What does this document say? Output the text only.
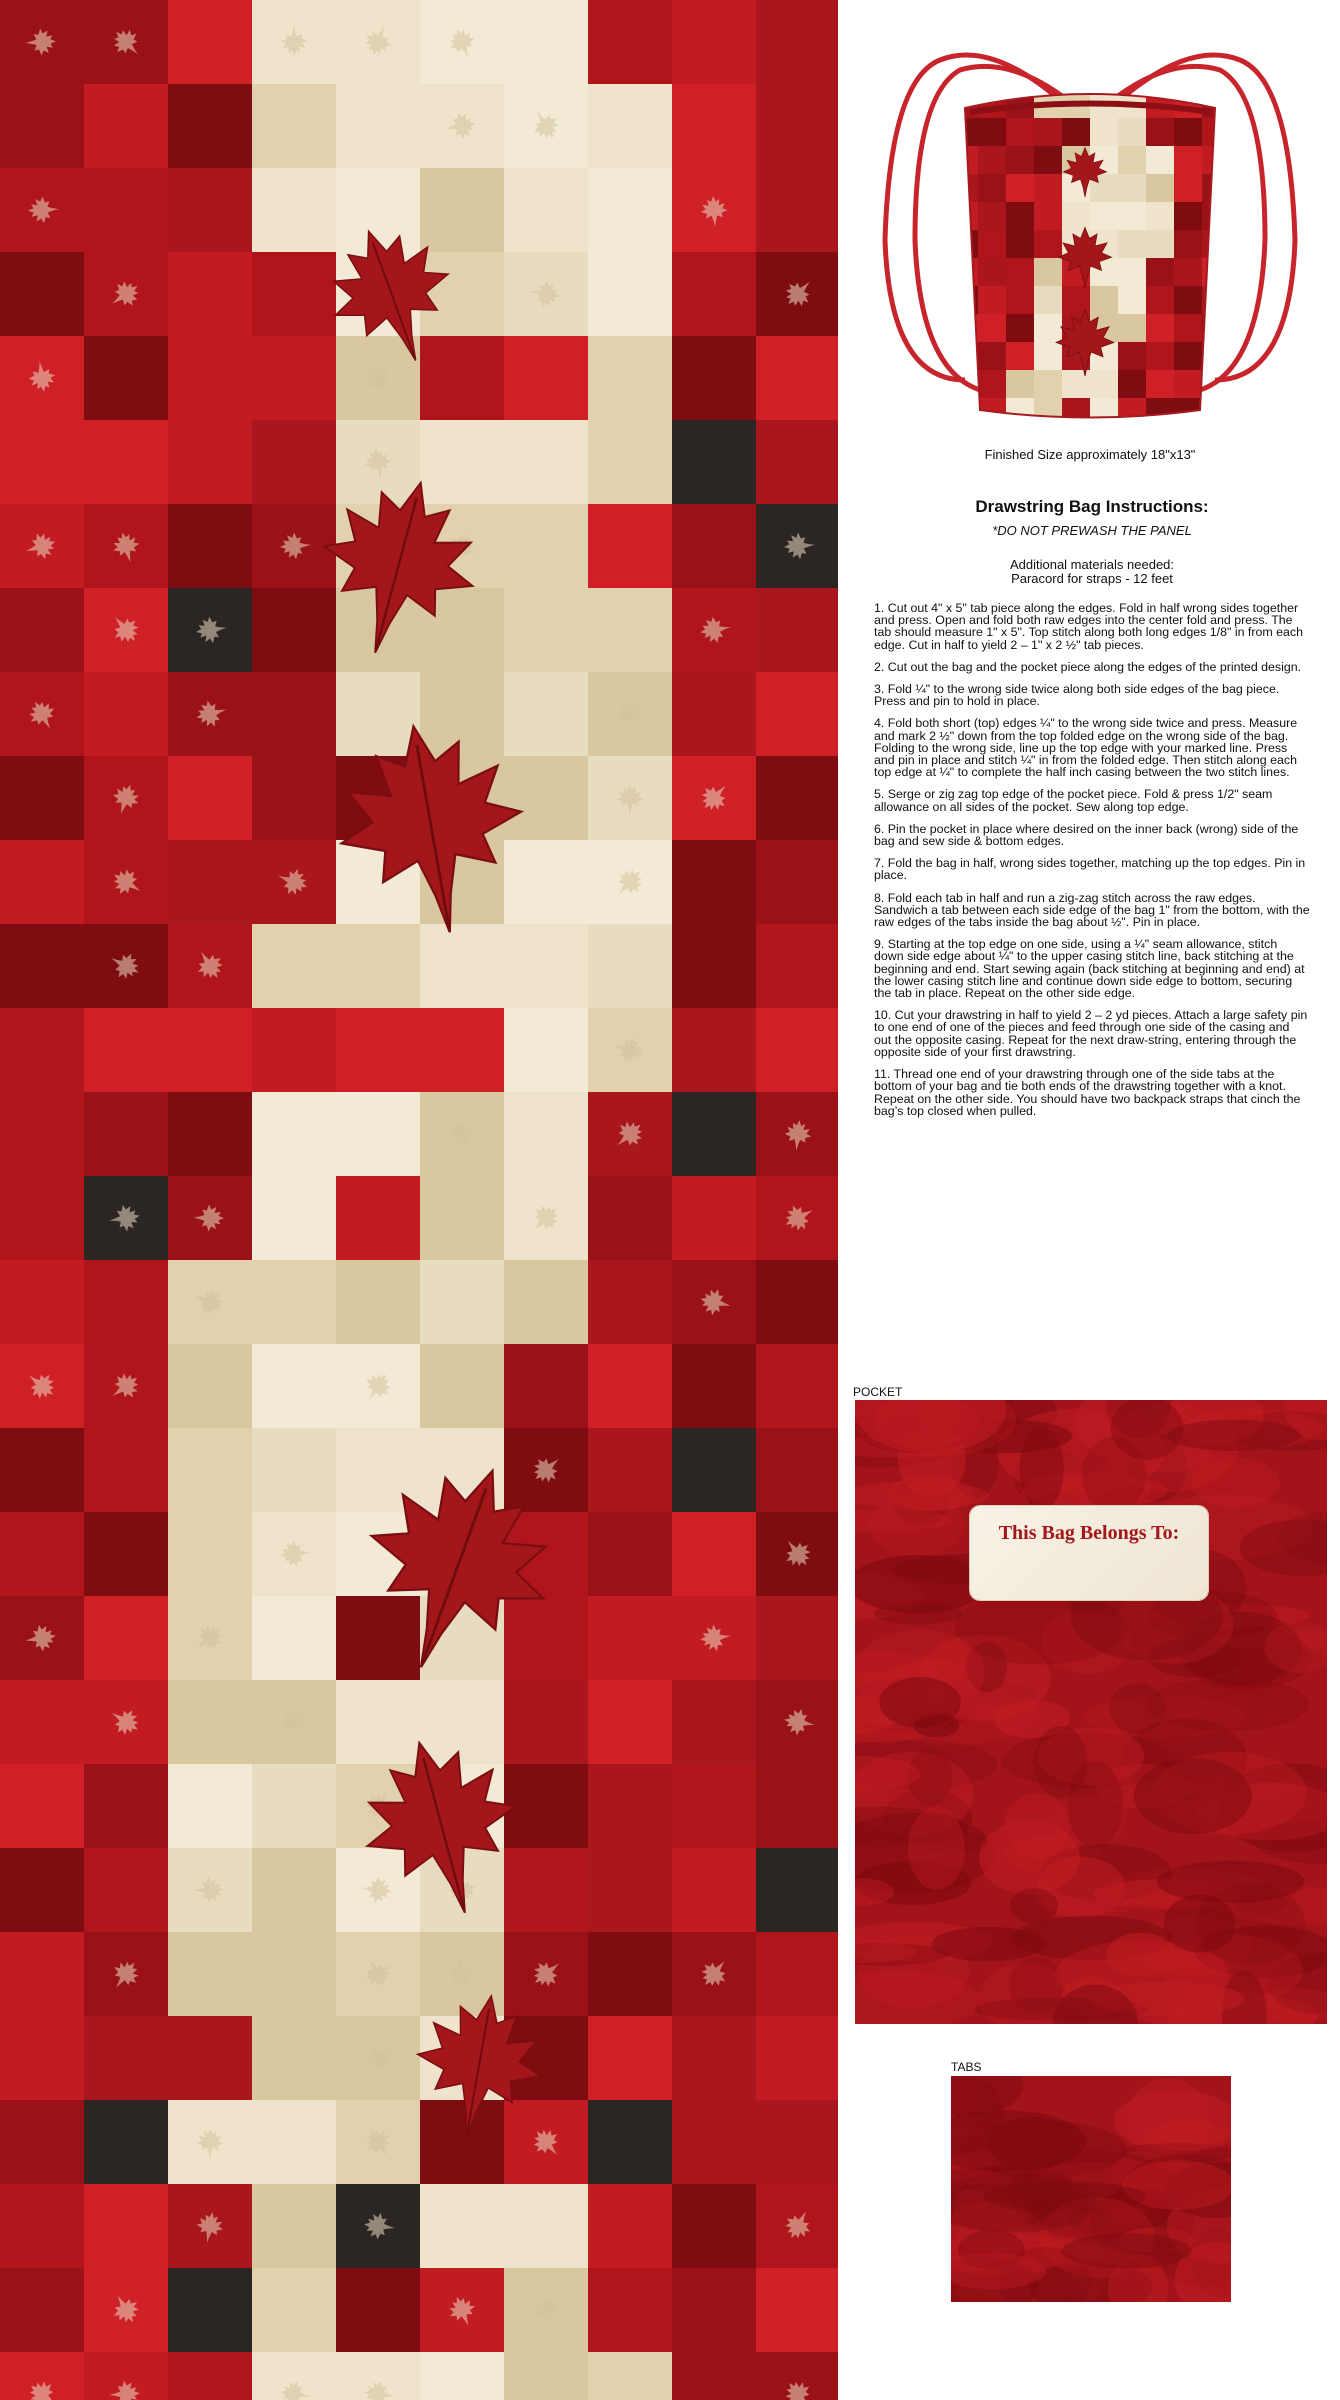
Finished Size approximately 18"x13"
Drawstring Bag Instructions:

*DO NOT PREWASH THE PANEL

Additional materials needed:
Paracord for straps - 12 feet
1. Cut out 4" x 5" tab piece along the edges. Fold in half wrong sides together and press. Open and fold both raw edges into the center fold and press. The tab should measure 1" x 5". Top stitch along both long edges 1/8" in from each edge. Cut in half to yield 2 – 1" x 2 ½" tab pieces.
2. Cut out the bag and the pocket piece along the edges of the printed design.
3. Fold ¼" to the wrong side twice along both side edges of the bag piece. Press and pin to hold in place.
4. Fold both short (top) edges ¼" to the wrong side twice and press. Measure and mark 2 ½" down from the top folded edge on the wrong side of the bag. Folding to the wrong side, line up the top edge with your marked line. Press and pin in place and stitch ¼" in from the folded edge. Then stitch along each top edge at ¼" to complete the half inch casing between the two stitch lines.
5. Serge or zig zag top edge of the pocket piece. Fold & press 1/2" seam allowance on all sides of the pocket. Sew along top edge.
6. Pin the pocket in place where desired on the inner back (wrong) side of the bag and sew side & bottom edges.
7. Fold the bag in half, wrong sides together, matching up the top edges. Pin in place.
8. Fold each tab in half and run a zig-zag stitch across the raw edges. Sandwich a tab between each side edge of the bag 1" from the bottom, with the raw edges of the tabs inside the bag about ½". Pin in place.
9. Starting at the top edge on one side, using a ¼" seam allowance, stitch down side edge about ¼" to the upper casing stitch line, back stitching at the beginning and end. Start sewing again (back stitching at beginning and end) at the lower casing stitch line and continue down side edge to bottom, securing the tab in place. Repeat on the other side edge.
10. Cut your drawstring in half to yield 2 – 2 yd pieces. Attach a large safety pin to one end of one of the pieces and feed through one side of the casing and out the opposite casing. Repeat for the next draw-string, entering through the opposite side of your first drawstring.
11. Thread one end of your drawstring through one of the side tabs at the bottom of your bag and tie both ends of the drawstring together with a knot. Repeat on the other side. You should have two backpack straps that cinch the bag’s top closed when pulled.
POCKET
This Bag Belongs To:
TABS
